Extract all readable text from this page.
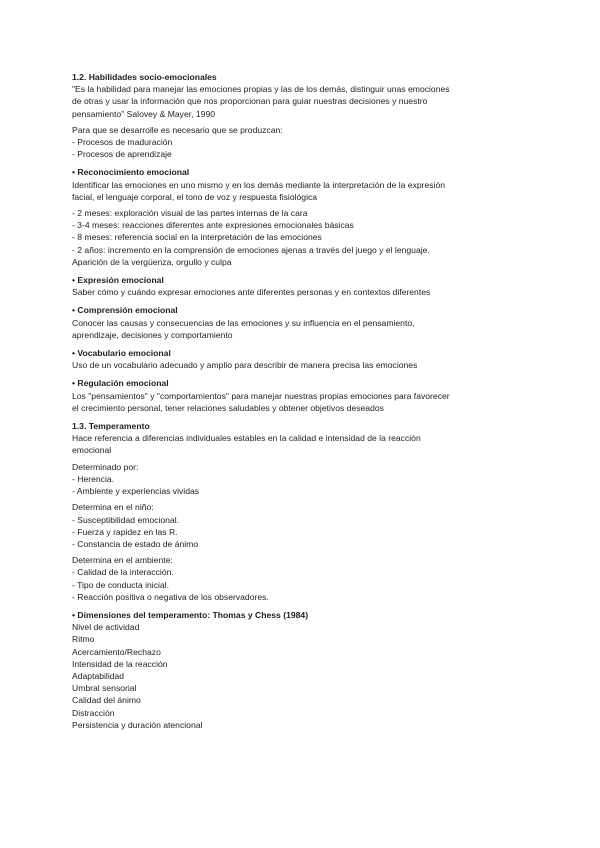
1.2. Habilidades socio-emocionales

"Es la habilidad para manejar las emociones propias y las de los demás, distinguir unas emociones

de otras y usar la información que nos proporcionan para guiar nuestras decisiones y nuestro

pensamiento" Salovey & Mayer, 1990

Para que se desarrolle es necesario que se produzcan:

- Procesos de maduración

- Procesos de aprendizaje

• Reconocimiento emocional

Identificar las emociones en uno mismo y en los demás mediante la interpretación de la expresión

facial, el lenguaje corporal, el tono de voz y respuesta fisiológica

- 2 meses: exploración visual de las partes internas de la cara

- 3-4 meses: reacciones diferentes ante expresiones emocionales básicas

- 8 meses: referencia social en la interpretación de las emociones

- 2 años: incremento en la comprensión de emociones ajenas a través del juego y el lenguaje.

Aparición de la vergüenza, orgullo y culpa

• Expresión emocional

Saber cómo y cuándo expresar emociones ante diferentes personas y en contextos diferentes

• Comprensión emocional

Conocer las causas y consecuencias de las emociones y su influencia en el pensamiento,

aprendizaje, decisiones y comportamiento

• Vocabulario emocional

Uso de un vocabulario adecuado y amplio para describir de manera precisa las emociones

• Regulación emocional

Los "pensamientos" y "comportamientos" para manejar nuestras propias emociones para favorecer

el crecimiento personal, tener relaciones saludables y obtener objetivos deseados

1.3. Temperamento

Hace referencia a diferencias individuales estables en la calidad e intensidad de la reacción

emocional

Determinado por:

- Herencia.

- Ambiente y experiencias vividas

Determina en el niño:

- Susceptibilidad emocional.

- Fuerza y rapidez en las R.

- Constancia de estado de ánimo

Determina en el ambiente:

- Calidad de la interacción.

- Tipo de conducta inicial.

- Reacción positiva o negativa de los observadores.

• Dimensiones del temperamento: Thomas y Chess (1984)

Nivel de actividad

Ritmo

Acercamiento/Rechazo

Intensidad de la reacción

Adaptabilidad

Umbral sensorial

Calidad del ánimo

Distracción

Persistencia y duración atencional
